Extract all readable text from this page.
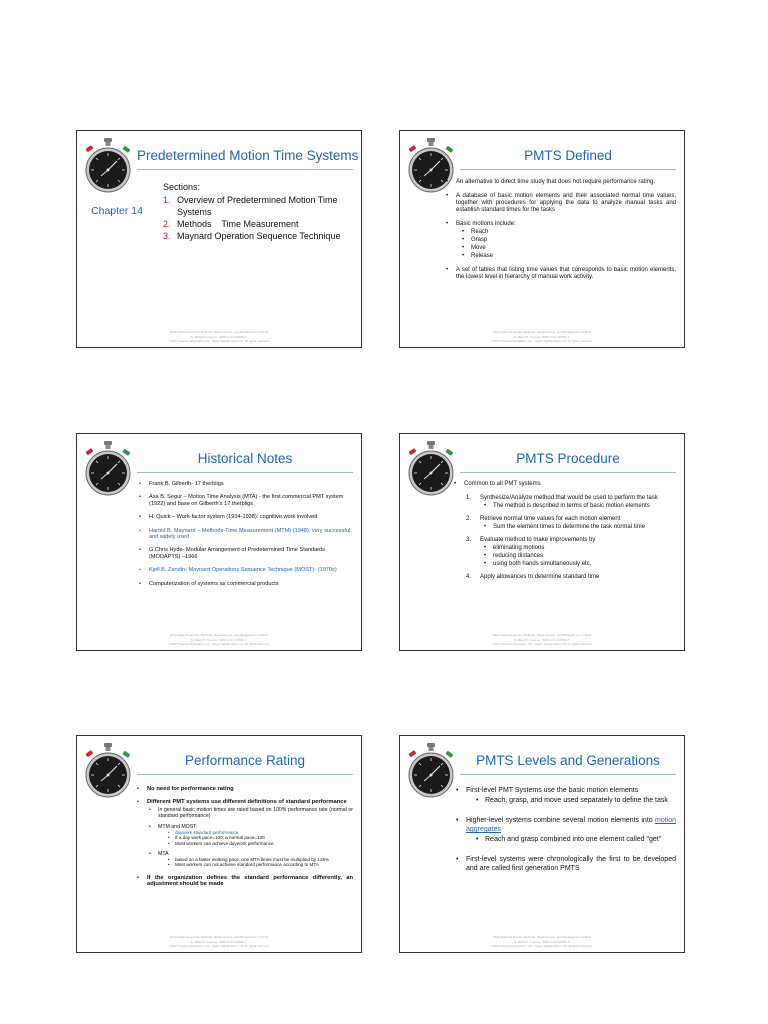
Predetermined Motion Time Systems
Chapter 14
Sections:
1. Overview of Predetermined Motion Time Systems
2. Methods    Time Measurement
3. Maynard Operation Sequence Technique
Work Systems and the Methods, Measurement, and Management of Work
by Mikell P. Groover, ISBN 0-13-140650-7.
©2007 Pearson Education, Inc., Upper Saddle River, NJ. All rights reserved.
PMTS Defined
• An alternative to direct time study that does not require performance rating.
• A database of basic motion elements and their associated normal time values, together with procedures for applying the data to analyze manual tasks and establish standard times for the tasks
• Basic motions include:
• Reach
• Grasp
• Move
• Release
• A set of tables that listing time values that corresponds to basic motion elements, the lowest level in hierarchy of manual work activity.
Work Systems and the Methods, Measurement, and Management of Work
by Mikell P. Groover, ISBN 0-13-140650-7.
©2007 Pearson Education, Inc., Upper Saddle River, NJ. All rights reserved.
Historical Notes
• Frank B. Gilberth- 17 therbligs
• Asa B. Segur – Motion Time Analysis (MTA) - the first commercial PMT system (1922) and base on Gilberth’s 17 therbligs
• H. Quick – Work-factor system (1934-1938): cognitive work involved
• Harold B. Maynard – Methods-Time Measurement (MTM) (1948): very successful and widely used
• G.Chris Hyde- Modular Arrangement of Predetermined Time Standards (MODAPTS) –1966
• Kjell B. Zandin- Maynard Operations Sequence Technique (MOST)- (1970s)
• Computerization of systems as commercial products
Work Systems and the Methods, Measurement, and Management of Work
by Mikell P. Groover, ISBN 0-13-140650-7.
©2007 Pearson Education, Inc., Upper Saddle River, NJ. All rights reserved.
PMTS Procedure
• Common to all PMT systems
1. Synthesize/Analyze method that would be used to perform the task
• The method is described in terms of basic motion elements
2. Retrieve normal time values for each motion element
• Sum the element times to determine the task normal time
3. Evaluate method to make improvements by
• eliminating motions
• reducing distances
• using both hands simultaneously etc.
4. Apply allowances to determine standard time
Work Systems and the Methods, Measurement, and Management of Work
by Mikell P. Groover, ISBN 0-13-140650-7.
©2007 Pearson Education, Inc., Upper Saddle River, NJ. All rights reserved.
Performance Rating
• No need for performance rating
• Different PMT systems use different definitions of standard performance
• In general basic motion times are rated based on 100% performance rate (normal or standard performance)
• MTM and MOST:
• daywork standard performance
• If a day work pace=100, a normal pace=130
• Most workers can achieve daywork performance
• MTA
• based on a faster working pace, one MTA times must be multiplied by 125%
• Most workers can not achieve standard performance according to MTA
• If the organization defines the standard performance differently, an adjustment should be made
Work Systems and the Methods, Measurement, and Management of Work
by Mikell P. Groover, ISBN 0-13-140650-7.
©2007 Pearson Education, Inc., Upper Saddle River, NJ. All rights reserved.
PMTS Levels and Generations
• First-level PMT Systems use the basic motion elements
• Reach, grasp, and move used separately to define the task
• Higher-level systems combine several motion elements into motion aggregates
• Reach and grasp combined into one element called "get"
• First-level systems were chronologically the first to be developed and are called first generation PMTS
Work Systems and the Methods, Measurement, and Management of Work
by Mikell P. Groover, ISBN 0-13-140650-7.
©2007 Pearson Education, Inc., Upper Saddle River, NJ. All rights reserved.
